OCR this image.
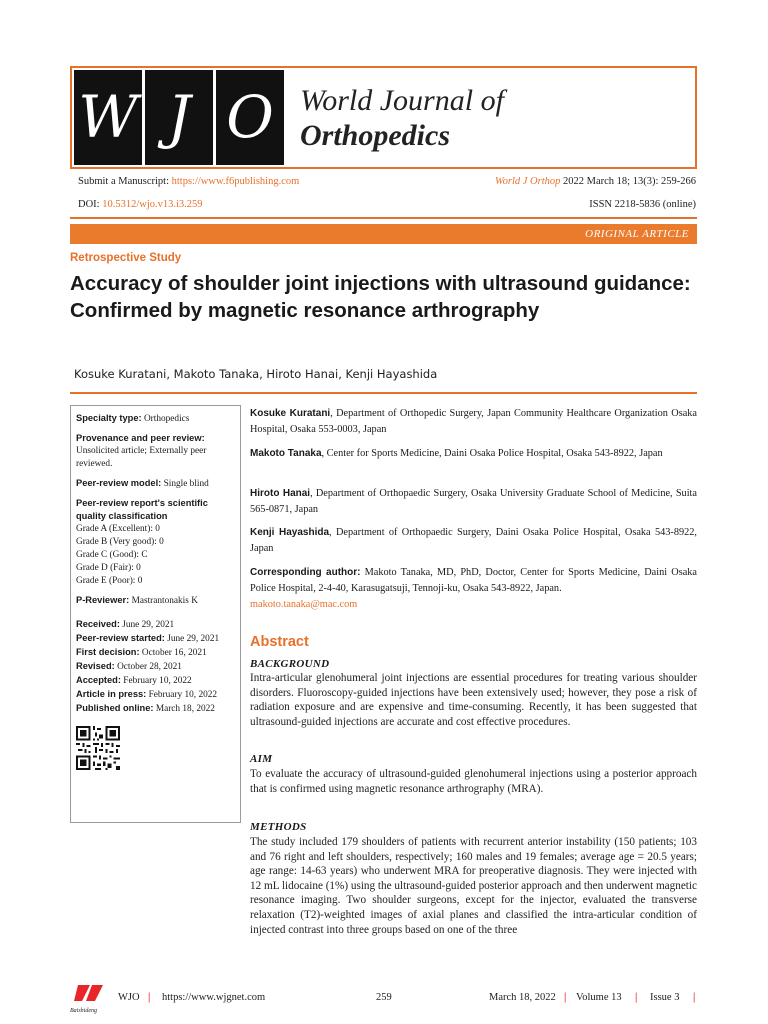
W J O World Journal of
Orthopedics
Submit a Manuscript: https://www.f6publishing.com	World J Orthop 2022 March 18; 13(3): 259-266
DOI: 10.5312/wjo.v13.i3.259	ISSN 2218-5836 (online)
ORIGINAL ARTICLE
Retrospective Study
Accuracy of shoulder joint injections with ultrasound guidance:
Confirmed by magnetic resonance arthrography
Kosuke Kuratani, Makoto Tanaka, Hiroto Hanai, Kenji Hayashida
Specialty type: Orthopedics
Provenance and peer review:
Unsolicited article; Externally peer reviewed.
Peer-review model: Single blind
Peer-review report's scientific quality classification
Grade A (Excellent): 0
Grade B (Very good): 0
Grade C (Good): C
Grade D (Fair): 0
Grade E (Poor): 0
P-Reviewer: Mastrantonakis K
Received: June 29, 2021
Peer-review started: June 29, 2021
First decision: October 16, 2021
Revised: October 28, 2021
Accepted: February 10, 2022
Article in press: February 10, 2022
Published online: March 18, 2022
Kosuke Kuratani, Department of Orthopedic Surgery, Japan Community Healthcare Organization Osaka Hospital, Osaka 553-0003, Japan
Makoto Tanaka, Center for Sports Medicine, Daini Osaka Police Hospital, Osaka 543-8922, Japan
Hiroto Hanai, Department of Orthopaedic Surgery, Osaka University Graduate School of Medicine, Suita 565-0871, Japan
Kenji Hayashida, Department of Orthopaedic Surgery, Daini Osaka Police Hospital, Osaka 543-8922, Japan
Corresponding author: Makoto Tanaka, MD, PhD, Doctor, Center for Sports Medicine, Daini Osaka Police Hospital, 2-4-40, Karasugatsuji, Tennoji-ku, Osaka 543-8922, Japan.
makoto.tanaka@mac.com
Abstract
BACKGROUND
Intra-articular glenohumeral joint injections are essential procedures for treating various shoulder disorders. Fluoroscopy-guided injections have been extensively used; however, they pose a risk of radiation exposure and are expensive and time-consuming. Recently, it has been suggested that ultrasound-guided injections are accurate and cost effective procedures.
AIM
To evaluate the accuracy of ultrasound-guided glenohumeral injections using a posterior approach that is confirmed using magnetic resonance arthrography (MRA).
METHODS
The study included 179 shoulders of patients with recurrent anterior instability (150 patients; 103 and 76 right and left shoulders, respectively; 160 males and 19 females; average age = 20.5 years; age range: 14-63 years) who underwent MRA for preoperative diagnosis. They were injected with 12 mL lidocaine (1%) using the ultrasound-guided posterior approach and then underwent magnetic resonance imaging. Two shoulder surgeons, except for the injector, evaluated the transverse relaxation (T2)-weighted images of axial planes and classified the intra-articular condition of injected contrast into three groups based on one of the three
Baishideng
WJO | https://www.wjgnet.com	259	March 18, 2022 | Volume 13 | Issue 3 |
